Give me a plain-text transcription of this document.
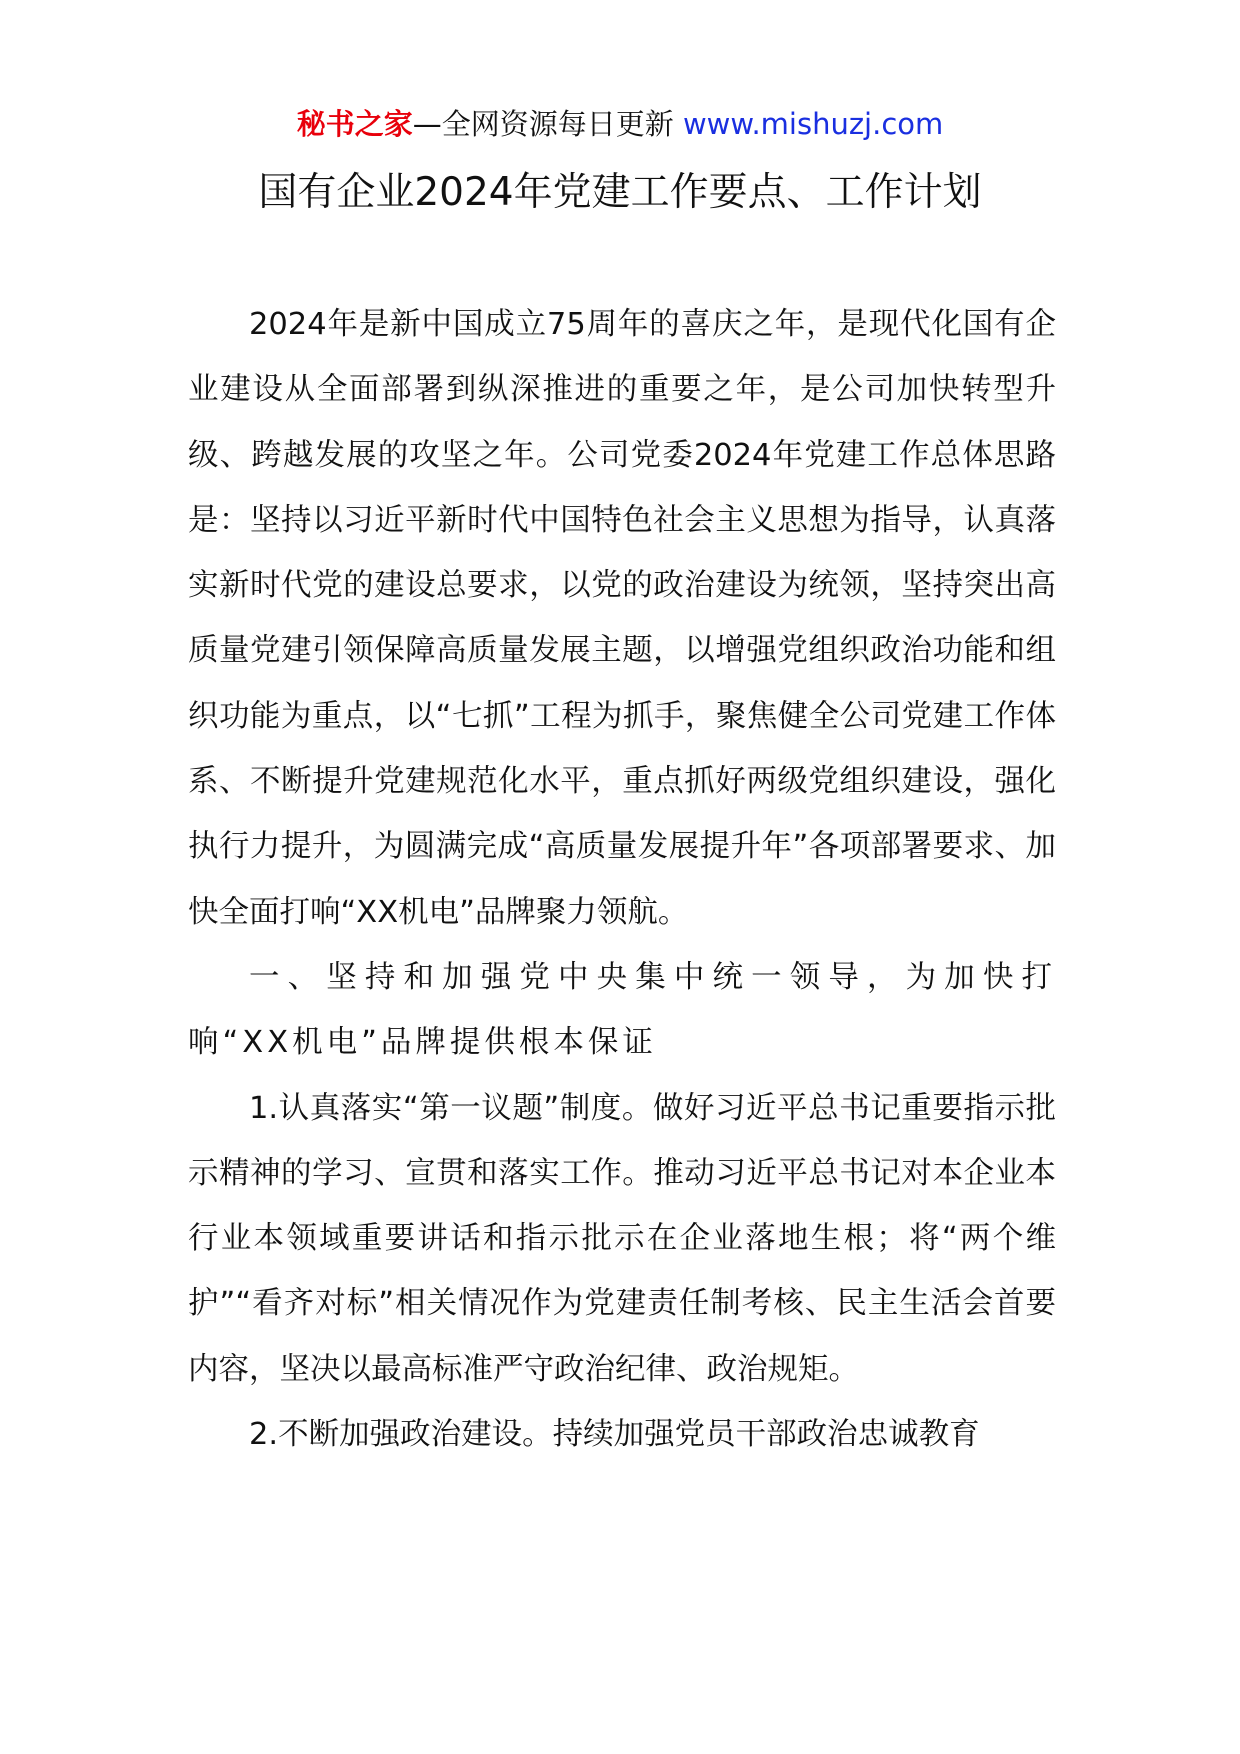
秘书之家—全网资源每日更新 www.mishuzj.com
国有企业2024年党建工作要点、工作计划

2024年是新中国成立75周年的喜庆之年，是现代化国有企业建设从全面部署到纵深推进的重要之年，是公司加快转型升级、跨越发展的攻坚之年。公司党委2024年党建工作总体思路是：坚持以习近平新时代中国特色社会主义思想为指导，认真落实新时代党的建设总要求，以党的政治建设为统领，坚持突出高质量党建引领保障高质量发展主题，以增强党组织政治功能和组织功能为重点，以“七抓”工程为抓手，聚焦健全公司党建工作体系、不断提升党建规范化水平，重点抓好两级党组织建设，强化执行力提升，为圆满完成“高质量发展提升年”各项部署要求、加快全面打响“XX机电”品牌聚力领航。

一、坚持和加强党中央集中统一领导，为加快打响“XX机电”品牌提供根本保证

1.认真落实“第一议题”制度。做好习近平总书记重要指示批示精神的学习、宣贯和落实工作。推动习近平总书记对本企业本行业本领域重要讲话和指示批示在企业落地生根；将“两个维护”“看齐对标”相关情况作为党建责任制考核、民主生活会首要内容，坚决以最高标准严守政治纪律、政治规矩。

2.不断加强政治建设。持续加强党员干部政治忠诚教育
